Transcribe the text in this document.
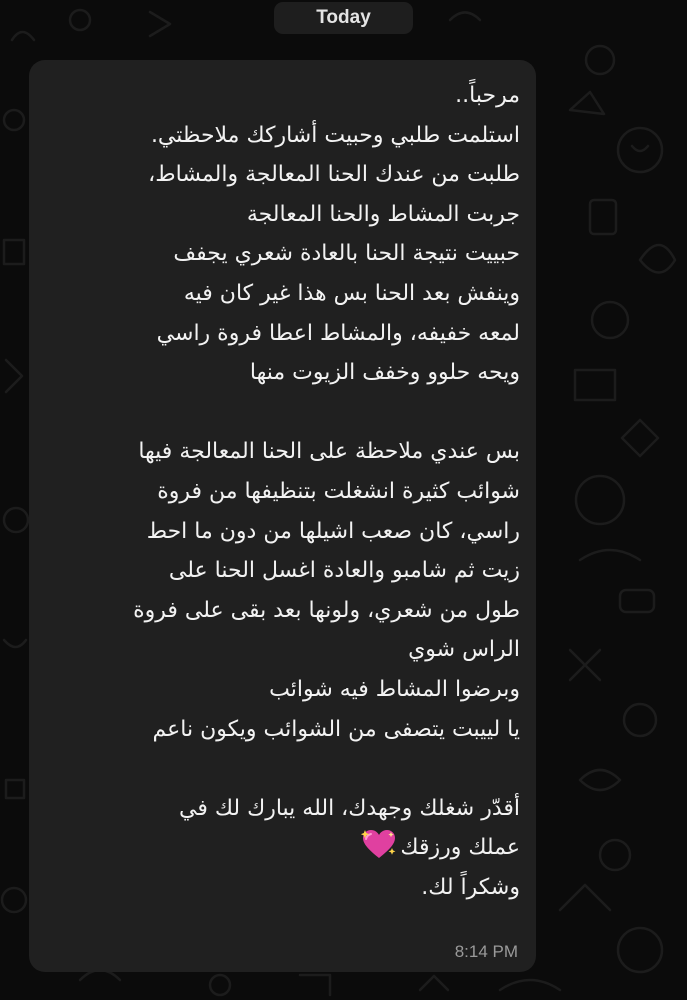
Today
مرحباً..
استلمت طلبي وحبيت أشاركك ملاحظتي.
طلبت من عندك الحنا المعالجة والمشاط،
جربت المشاط والحنا المعالجة
حبييت نتيجة الحنا بالعادة شعري يجفف
وينفش بعد الحنا بس هذا غير كان فيه
لمعه خفيفه، والمشاط اعطا فروة راسي
ويحه حلوو وخفف الزيوت منها
بس عندي ملاحظة على الحنا المعالجة فيها
شوائب كثيرة انشغلت بتنظيفها من فروة
راسي، كان صعب اشيلها من دون ما احط
زيت ثم شامبو والعادة اغسل الحنا على
طول من شعري، ولونها بعد بقى على فروة
الراس شوي
وبرضوا المشاط فيه شوائب
يا لييبت يتصفى من الشوائب ويكون ناعم
أقدّر شغلك وجهدك، الله يبارك لك في
عملك ورزقك
وشكراً لك.
8:14 PM
